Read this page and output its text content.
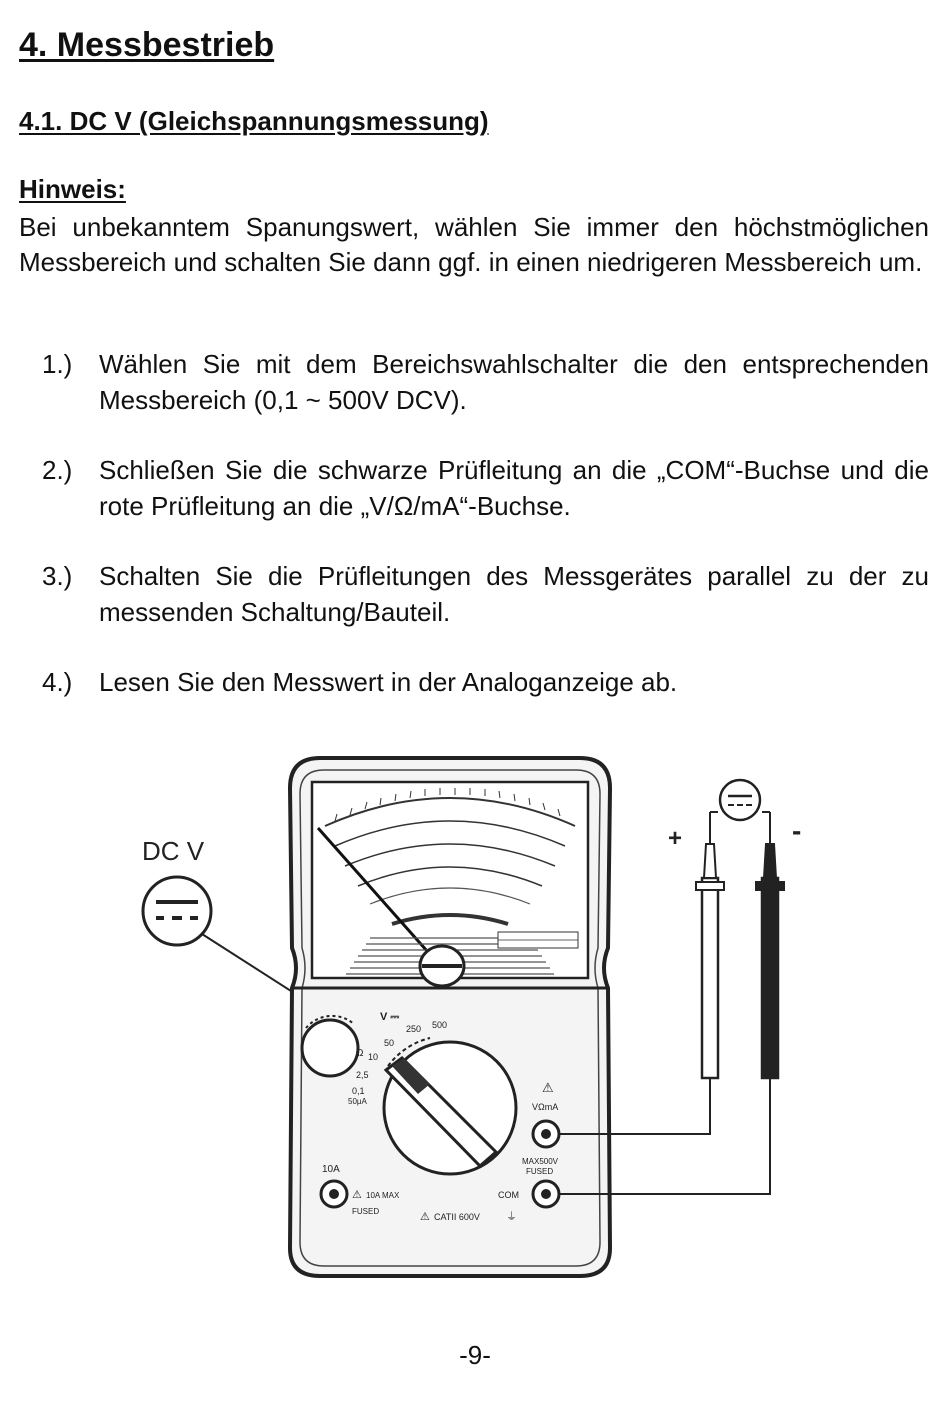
4. Messbestrieb
4.1. DC V (Gleichspannungsmessung)
Hinweis:
Bei unbekanntem Spanungswert, wählen Sie immer den höchstmöglichen Messbereich und schalten Sie dann ggf. in einen niedrigeren Messbereich um.
1.) Wählen Sie mit dem Bereichswahlschalter die den entsprechenden Messbereich (0,1 ~ 500V DCV).
2.) Schließen Sie die schwarze Prüfleitung an die „COM“-Buchse und die rote Prüfleitung an die „V/Ω/mA“-Buchse.
3.) Schalten Sie die Prüfleitungen des Messgerätes parallel zu der zu messenden Schaltung/Bauteil.
4.) Lesen Sie den Messwert in der Analoganzeige ab.
DC V
V ⎓
250 500
50
10
Ω
2,5
0,1
50μA
⚠
VΩmA
MAX500V
FUSED
COM
10A
⚠ 10A MAX
FUSED	⚠ CATII 600V ⏚
+	-
-9-
